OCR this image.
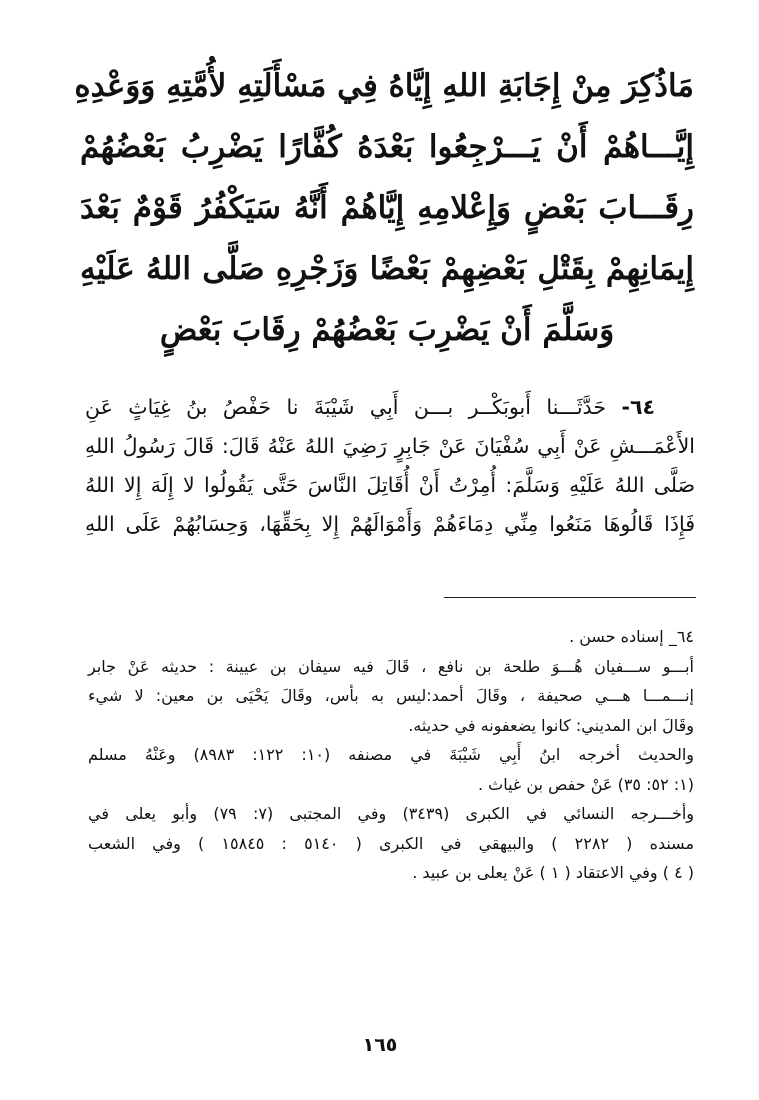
مَاذُكِرَ مِنْ إِجَابَةِ اللهِ إِيَّاهُ فِي مَسْأَلَتِهِ لأُمَّتِهِ وَوَعْدِهِ
إِيَّـــاهُمْ أَنْ يَـــرْجِعُوا بَعْدَهُ كُفَّارًا يَضْرِبُ بَعْضُهُمْ
رِقَـــابَ بَعْضٍ وَإِعْلامِهِ إِيَّاهُمْ أَنَّهُ سَيَكْفُرُ قَوْمٌ بَعْدَ
إِيمَانِهِمْ بِقَتْلِ بَعْضِهِمْ بَعْضًا وَزَجْرِهِ صَلَّى اللهُ عَلَيْهِ
وَسَلَّمَ أَنْ يَضْرِبَ بَعْضُهُمْ رِقَابَ بَعْضٍ
٦٤- حَدَّثَـــنا أَبوبَكْــر بـــن أَبِي شَيْبَةَ نا حَفْصُ بنُ غِيَاثٍ عَنِ
الأَعْمَـــشِ عَنْ أَبِي سُفْيَانَ عَنْ جَابِرٍ رَضِيَ اللهُ عَنْهُ قَالَ: قَالَ رَسُولُ اللهِ
صَلَّى اللهُ عَلَيْهِ وَسَلَّمَ: أُمِرْتُ أَنْ أُقَاتِلَ النَّاسَ حَتَّى يَقُولُوا لا إِلَهَ إِلا اللهُ
فَإِذَا قَالُوهَا مَنَعُوا مِنِّي دِمَاءَهُمْ وَأَمْوَالَهُمْ إِلا بِحَقِّهَا، وَحِسَابُهُمْ عَلَى اللهِ
٦٤_ إسناده حسن .
أبـــو ســـفيان هُـــوَ طلحة بن نافع ، قَالَ فيه سيفان بن عيينة : حديثه عَنْ جابر
إنـــمـــا هـــي صحيفة ، وقَالَ أحمد:ليس به بأس، وقَالَ يَحْيَى بن معين: لا شيء
وقَالَ ابن المديني: كانوا يضعفونه في حديثه.
والحديث أخرجه ابنُ أَبِي شَيْبَةَ في مصنفه (١٠: ١٢٢: ٨٩٨٣) وعَنْهُ مسلم
(١: ٥٢: ٣٥) عَنْ حفص بن غياث .
وأخـــرجه النسائي في الكبرى (٣٤٣٩) وفي المجتبى (٧: ٧٩) وأبو يعلى في
مسنده ( ٢٢٨٢ ) والبيهقي في الكبرى ( ٥١٤٠ : ١٥٨٤٥ ) وفي الشعب
( ٤ ) وفي الاعتقاد ( ١ ) عَنْ يعلى بن عبيد .
١٦٥
